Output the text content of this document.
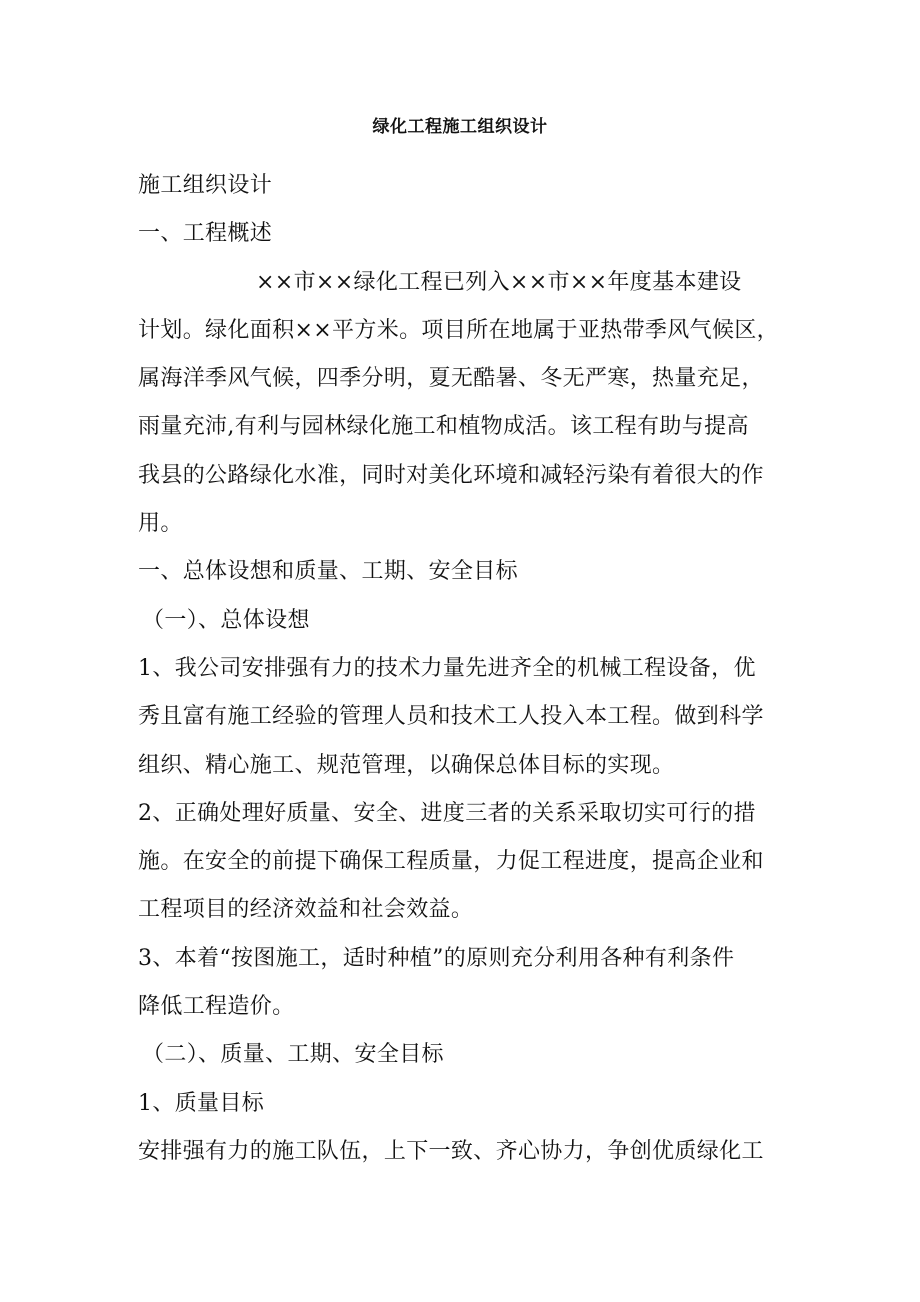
绿化工程施工组织设计
施工组织设计
一、工程概述
××市××绿化工程已列入××市××年度基本建设
计划。绿化面积××平方米。项目所在地属于亚热带季风气候区，
属海洋季风气候，四季分明，夏无酷暑、冬无严寒，热量充足，
雨量充沛,有利与园林绿化施工和植物成活。该工程有助与提高
我县的公路绿化水准，同时对美化环境和减轻污染有着很大的作
用。
一、总体设想和质量、工期、安全目标
（一）、总体设想
1、我公司安排强有力的技术力量先进齐全的机械工程设备，优
秀且富有施工经验的管理人员和技术工人投入本工程。做到科学
组织、精心施工、规范管理，以确保总体目标的实现。
2、正确处理好质量、安全、进度三者的关系采取切实可行的措
施。在安全的前提下确保工程质量，力促工程进度，提高企业和
工程项目的经济效益和社会效益。
3、本着“按图施工，适时种植”的原则充分利用各种有利条件
降低工程造价。
（二）、质量、工期、安全目标
1、质量目标
安排强有力的施工队伍，上下一致、齐心协力，争创优质绿化工
